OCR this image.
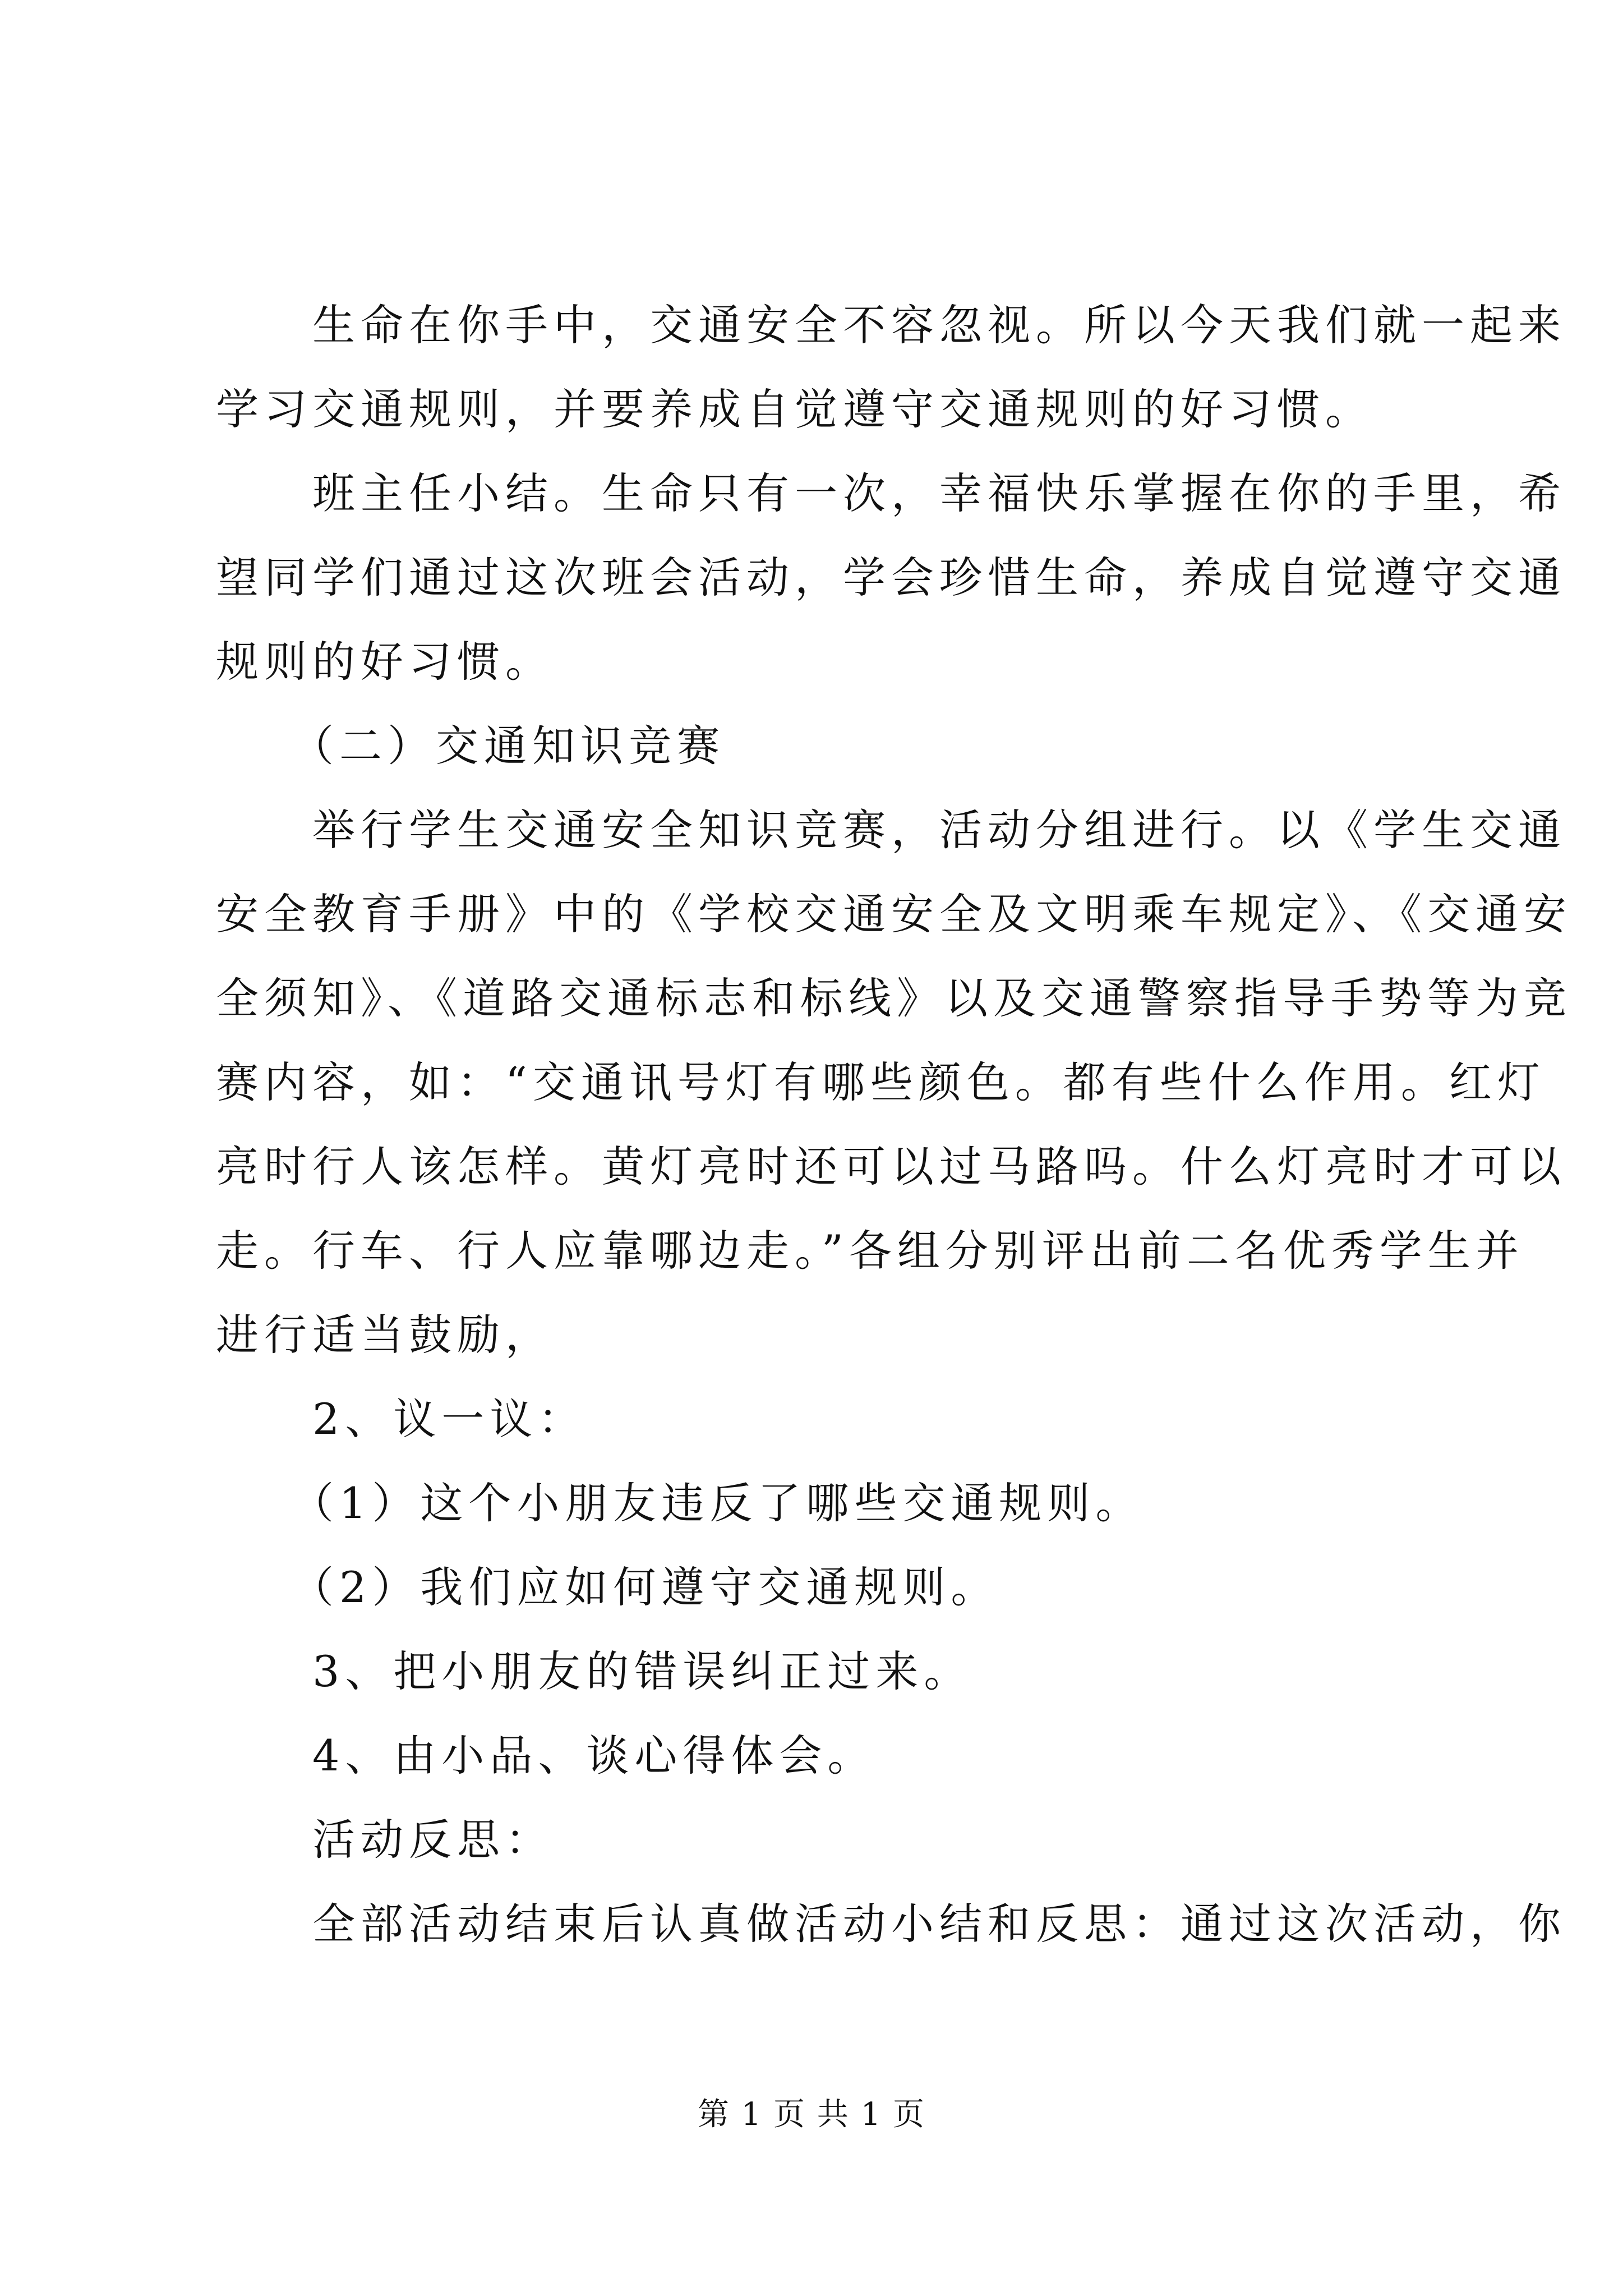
　　生命在你手中，交通安全不容忽视。所以今天我们就一起来
学习交通规则，并要养成自觉遵守交通规则的好习惯。
　　班主任小结。生命只有一次，幸福快乐掌握在你的手里，希
望同学们通过这次班会活动，学会珍惜生命，养成自觉遵守交通
规则的好习惯。
　　（二）交通知识竞赛
　　举行学生交通安全知识竞赛，活动分组进行。以《学生交通
安全教育手册》中的《学校交通安全及文明乘车规定》、《交通安
全须知》、《道路交通标志和标线》以及交通警察指导手势等为竞
赛内容，如：“交通讯号灯有哪些颜色。都有些什么作用。红灯
亮时行人该怎样。黄灯亮时还可以过马路吗。什么灯亮时才可以
走。行车、行人应靠哪边走。”各组分别评出前二名优秀学生并
进行适当鼓励，
　　2、议一议：
　　（1）这个小朋友违反了哪些交通规则。
　　（2）我们应如何遵守交通规则。
　　3、把小朋友的错误纠正过来。
　　4、由小品、谈心得体会。
　　活动反思：
　　全部活动结束后认真做活动小结和反思：通过这次活动，你
第 1 页 共 1 页
